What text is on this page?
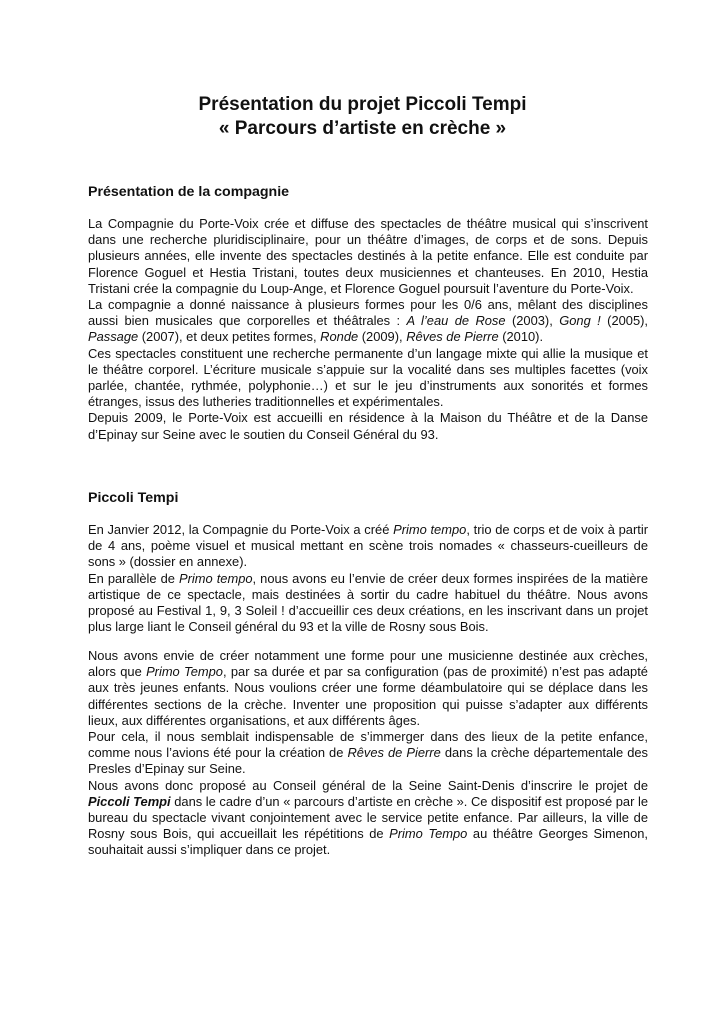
Présentation du projet Piccoli Tempi
« Parcours d’artiste en crèche »
Présentation de la compagnie

La Compagnie du Porte-Voix crée et diffuse des spectacles de théâtre musical qui s’inscrivent dans une recherche pluridisciplinaire, pour un théâtre d’images, de corps et de sons. Depuis plusieurs années, elle invente des spectacles destinés à la petite enfance. Elle est conduite par Florence Goguel et Hestia Tristani, toutes deux musiciennes et chanteuses. En 2010, Hestia Tristani crée la compagnie du Loup-Ange, et Florence Goguel poursuit l’aventure du Porte-Voix.

La compagnie a donné naissance à plusieurs formes pour les 0/6 ans, mêlant des disciplines aussi bien musicales que corporelles et théâtrales : A l’eau de Rose (2003), Gong ! (2005), Passage (2007), et deux petites formes, Ronde (2009), Rêves de Pierre (2010).

Ces spectacles constituent une recherche permanente d’un langage mixte qui allie la musique et le théâtre corporel. L’écriture musicale s’appuie sur la vocalité dans ses multiples facettes (voix parlée, chantée, rythmée, polyphonie…) et sur le jeu d’instruments aux sonorités et formes étranges, issus des lutheries traditionnelles et expérimentales.

Depuis 2009, le Porte-Voix est accueilli en résidence à la Maison du Théâtre et de la Danse d’Epinay sur Seine avec le soutien du Conseil Général du 93.

Piccoli Tempi

En Janvier 2012, la Compagnie du Porte-Voix a créé Primo tempo, trio de corps et de voix à partir de 4 ans, poème visuel et musical mettant en scène trois nomades « chasseurs-cueilleurs de sons » (dossier en annexe).

En parallèle de Primo tempo, nous avons eu l’envie de créer deux formes inspirées de la matière artistique de ce spectacle, mais destinées à sortir du cadre habituel du théâtre. Nous avons proposé au Festival 1, 9, 3 Soleil ! d’accueillir ces deux créations, en les inscrivant dans un projet plus large liant le Conseil général du 93 et la ville de Rosny sous Bois.

Nous avons envie de créer notamment une forme pour une musicienne destinée aux crèches, alors que Primo Tempo, par sa durée et par sa configuration (pas de proximité) n’est pas adapté aux très jeunes enfants. Nous voulions créer une forme déambulatoire qui se déplace dans les différentes sections de la crèche. Inventer une proposition qui puisse s’adapter aux différents lieux, aux différentes organisations, et aux différents âges.

Pour cela, il nous semblait indispensable de s’immerger dans des lieux de la petite enfance, comme nous l’avions été pour la création de Rêves de Pierre dans la crèche départementale des Presles d’Epinay sur Seine.

Nous avons donc proposé au Conseil général de la Seine Saint-Denis d’inscrire le projet de Piccoli Tempi dans le cadre d’un « parcours d’artiste en crèche ». Ce dispositif est proposé par le bureau du spectacle vivant conjointement avec le service petite enfance. Par ailleurs, la ville de Rosny sous Bois, qui accueillait les répétitions de Primo Tempo au théâtre Georges Simenon, souhaitait aussi s’impliquer dans ce projet.
